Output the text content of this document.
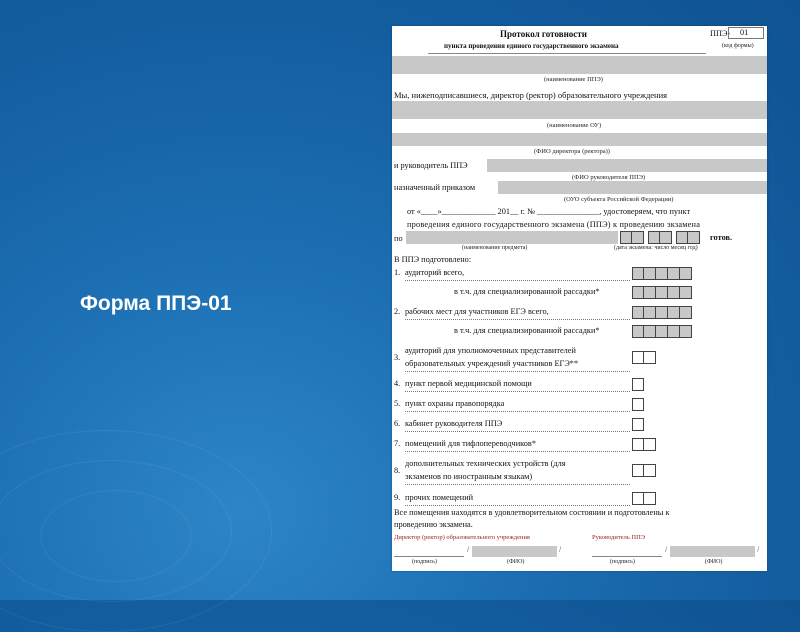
Форма ППЭ-01
Протокол готовности
пункта проведения единого государственного экзамена
ППЭ- 01
(код формы)
(наименование ППЭ)
Мы, нижеподписавшиеся, директор (ректор) образовательного учреждения
(наименование ОУ)
(ФИО директора (ректора))
и руководитель ППЭ
(ФИО руководителя ППЭ)
назначенный приказом
(ОУО субъекта Российской Федерации)
от «____»_____________ 201__ г. № _______________, удостоверяем, что пункт
проведения единого государственного экзамена (ППЭ) к проведению экзамена
по	готов.
(наименование предмета)	(дата экзамена: число месяц год)
В ППЭ подготовлено:
1. аудиторий всего,
в т.ч. для специализированной рассадки*
2. рабочих мест для участников ЕГЭ всего,
в т.ч. для специализированной рассадки*
3.
аудиторий для уполномоченных представителей
образовательных учреждений участников ЕГЭ**
4. пункт первой медицинской помощи
5. пункт охраны правопорядка
6. кабинет руководителя ППЭ
7. помещений для тифлопереводчиков*
8.
дополнительных технических устройств (для
экзаменов по иностранным языкам)
9. прочих помещений
Все помещения находятся в удовлетворительном состоянии и подготовлены к
проведению экзамена.
Директор (ректор) образовательного учреждения	Руководитель ППЭ
/	/
(подпись)	(ФИО)
/	/
(подпись)	(ФИО)
